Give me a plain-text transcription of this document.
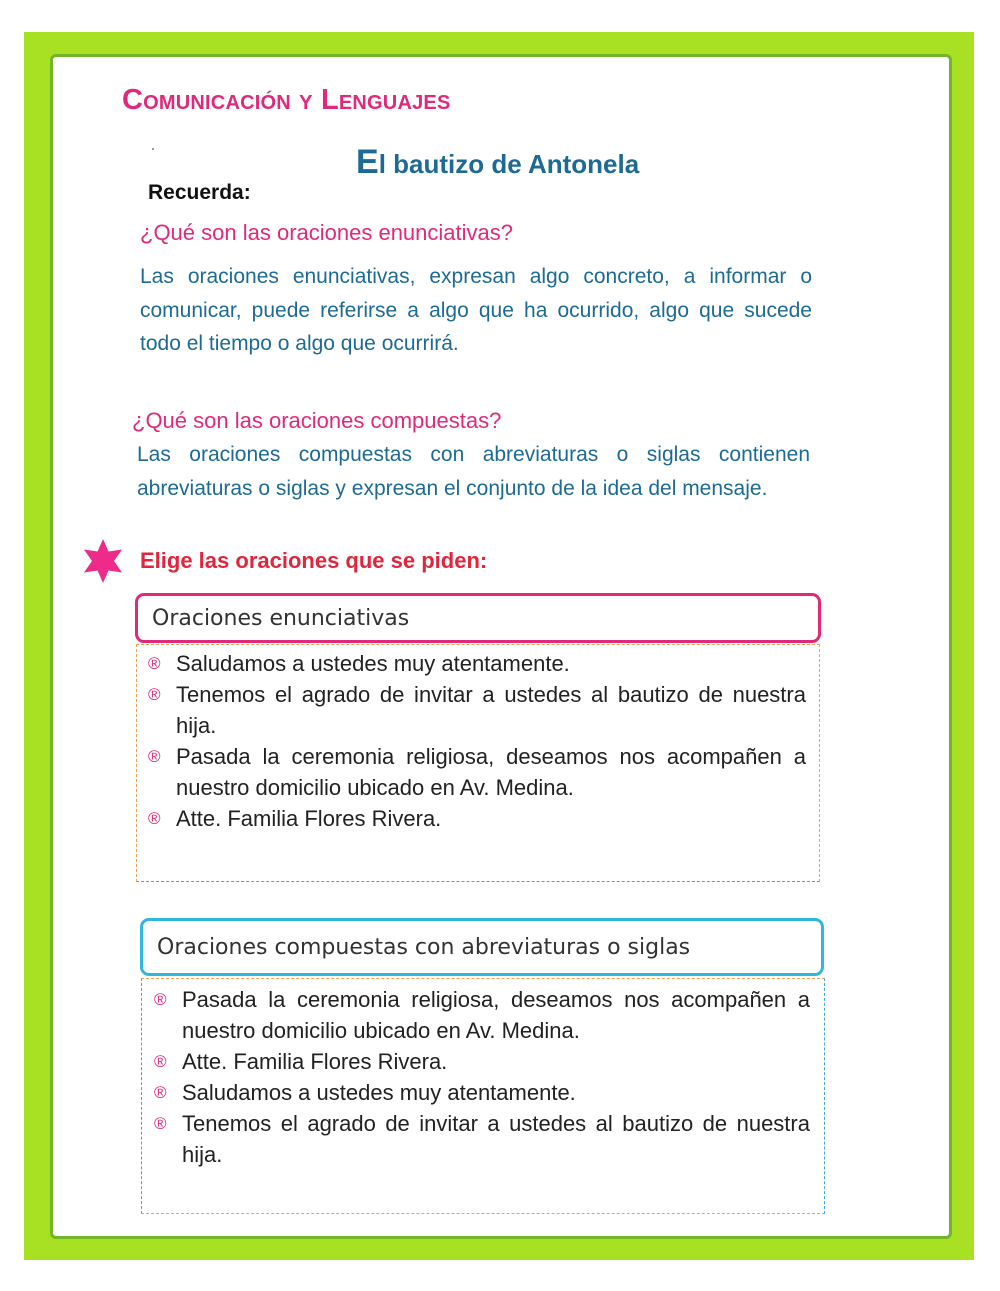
Comunicación y Lenguajes
El bautizo de Antonela
Recuerda:
¿Qué son las oraciones enunciativas?

Las oraciones enunciativas, expresan algo concreto, a informar o comunicar, puede referirse a algo que ha ocurrido, algo que sucede todo el tiempo o algo que ocurrirá.

¿Qué son las oraciones compuestas?

Las oraciones compuestas con abreviaturas o siglas contienen abreviaturas o siglas y expresan el conjunto de la idea del mensaje.

Elige las oraciones que se piden:
Oraciones enunciativas
® Saludamos a ustedes muy atentamente.
® Tenemos el agrado de invitar a ustedes al bautizo de nuestra hija.
® Pasada la ceremonia religiosa, deseamos nos acompañen a nuestro domicilio ubicado en Av. Medina.
® Atte. Familia Flores Rivera.
Oraciones compuestas con abreviaturas o siglas
® Pasada la ceremonia religiosa, deseamos nos acompañen a nuestro domicilio ubicado en Av. Medina.
® Atte. Familia Flores Rivera.
® Saludamos a ustedes muy atentamente.
® Tenemos el agrado de invitar a ustedes al bautizo de nuestra hija.
